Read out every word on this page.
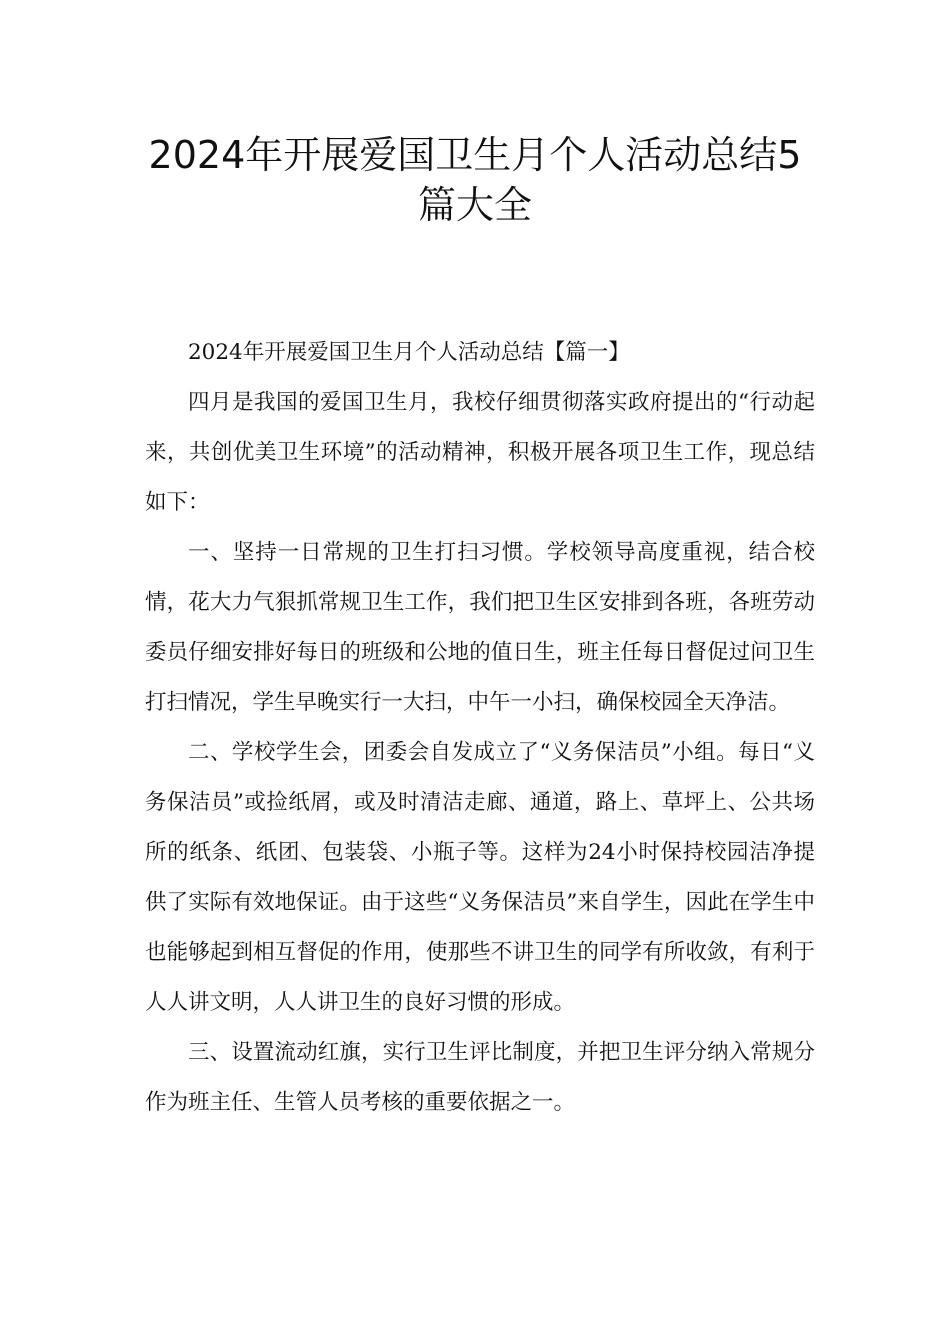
2024年开展爱国卫生月个人活动总结5
篇大全

2024年开展爱国卫生月个人活动总结【篇一】

四月是我国的爱国卫生月，我校仔细贯彻落实政府提出的“行动起来，共创优美卫生环境”的活动精神，积极开展各项卫生工作，现总结如下：

一、坚持一日常规的卫生打扫习惯。学校领导高度重视，结合校情，花大力气狠抓常规卫生工作，我们把卫生区安排到各班，各班劳动委员仔细安排好每日的班级和公地的值日生，班主任每日督促过问卫生打扫情况，学生早晚实行一大扫，中午一小扫，确保校园全天净洁。

二、学校学生会，团委会自发成立了“义务保洁员”小组。每日“义务保洁员”或捡纸屑，或及时清洁走廊、通道，路上、草坪上、公共场所的纸条、纸团、包装袋、小瓶子等。这样为24小时保持校园洁净提供了实际有效地保证。由于这些“义务保洁员”来自学生，因此在学生中也能够起到相互督促的作用，使那些不讲卫生的同学有所收敛，有利于人人讲文明，人人讲卫生的良好习惯的形成。

三、设置流动红旗，实行卫生评比制度，并把卫生评分纳入常规分作为班主任、生管人员考核的重要依据之一。
